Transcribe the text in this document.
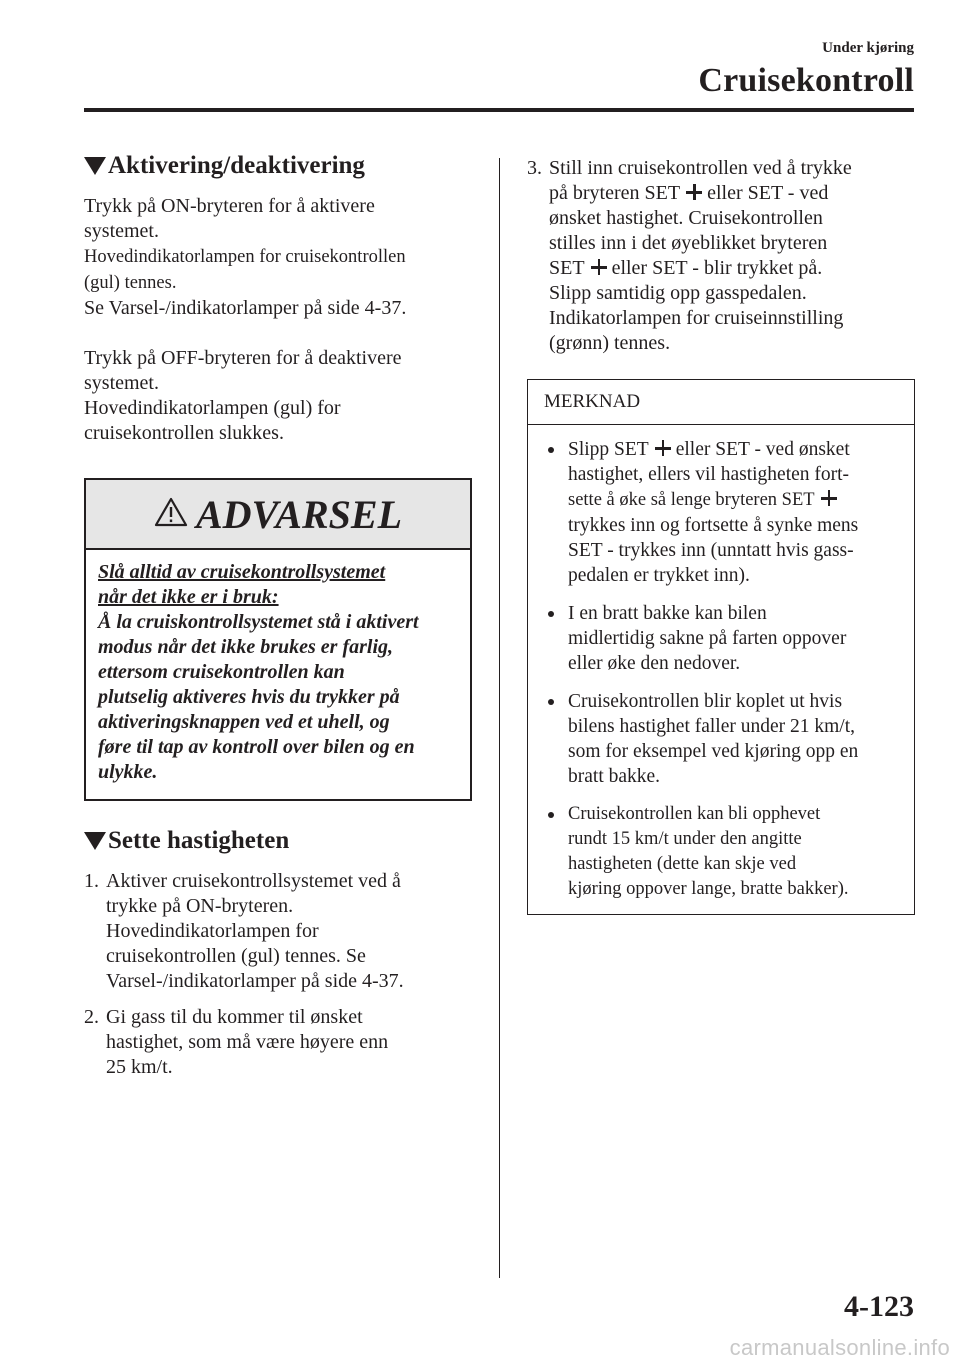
Under kjøring
Cruisekontroll
Aktivering/deaktivering

Trykk på ON-bryteren for å aktivere
systemet.
Hovedindikatorlampen for cruisekontrollen
(gul) tennes.
Se Varsel-/indikatorlamper på side 4-37.

Trykk på OFF-bryteren for å deaktivere
systemet.
Hovedindikatorlampen (gul) for
cruisekontrollen slukkes.

ADVARSEL

Slå alltid av cruisekontrollsystemet
når det ikke er i bruk:
Å la cruiskontrollsystemet stå i aktivert
modus når det ikke brukes er farlig,
ettersom cruisekontrollen kan
plutselig aktiveres hvis du trykker på
aktiveringsknappen ved et uhell, og
føre til tap av kontroll over bilen og en
ulykke.

Sette hastigheten
1. Aktiver cruisekontrollsystemet ved å
trykke på ON-bryteren.
Hovedindikatorlampen for
cruisekontrollen (gul) tennes. Se
Varsel-/indikatorlamper på side 4-37.

2. Gi gass til du kommer til ønsket
hastighet, som må være høyere enn
25 km/t.

3. Still inn cruisekontrollen ved å trykke
på bryteren SET eller SET - ved
ønsket hastighet. Cruisekontrollen
stilles inn i det øyeblikket bryteren
SET eller SET - blir trykket på.
Slipp samtidig opp gasspedalen.
Indikatorlampen for cruiseinnstilling
(grønn) tennes.

MERKNAD

Slipp SET eller SET - ved ønsket
hastighet, ellers vil hastigheten fort-
sette å øke så lenge bryteren SET
trykkes inn og fortsette å synke mens
SET - trykkes inn (unntatt hvis gass-
pedalen er trykket inn).

I en bratt bakke kan bilen
midlertidig sakne på farten oppover
eller øke den nedover.

Cruisekontrollen blir koplet ut hvis
bilens hastighet faller under 21 km/t,
som for eksempel ved kjøring opp en
bratt bakke.

Cruisekontrollen kan bli opphevet
rundt 15 km/t under den angitte
hastigheten (dette kan skje ved
kjøring oppover lange, bratte bakker).

4-123
carmanualsonline.info
